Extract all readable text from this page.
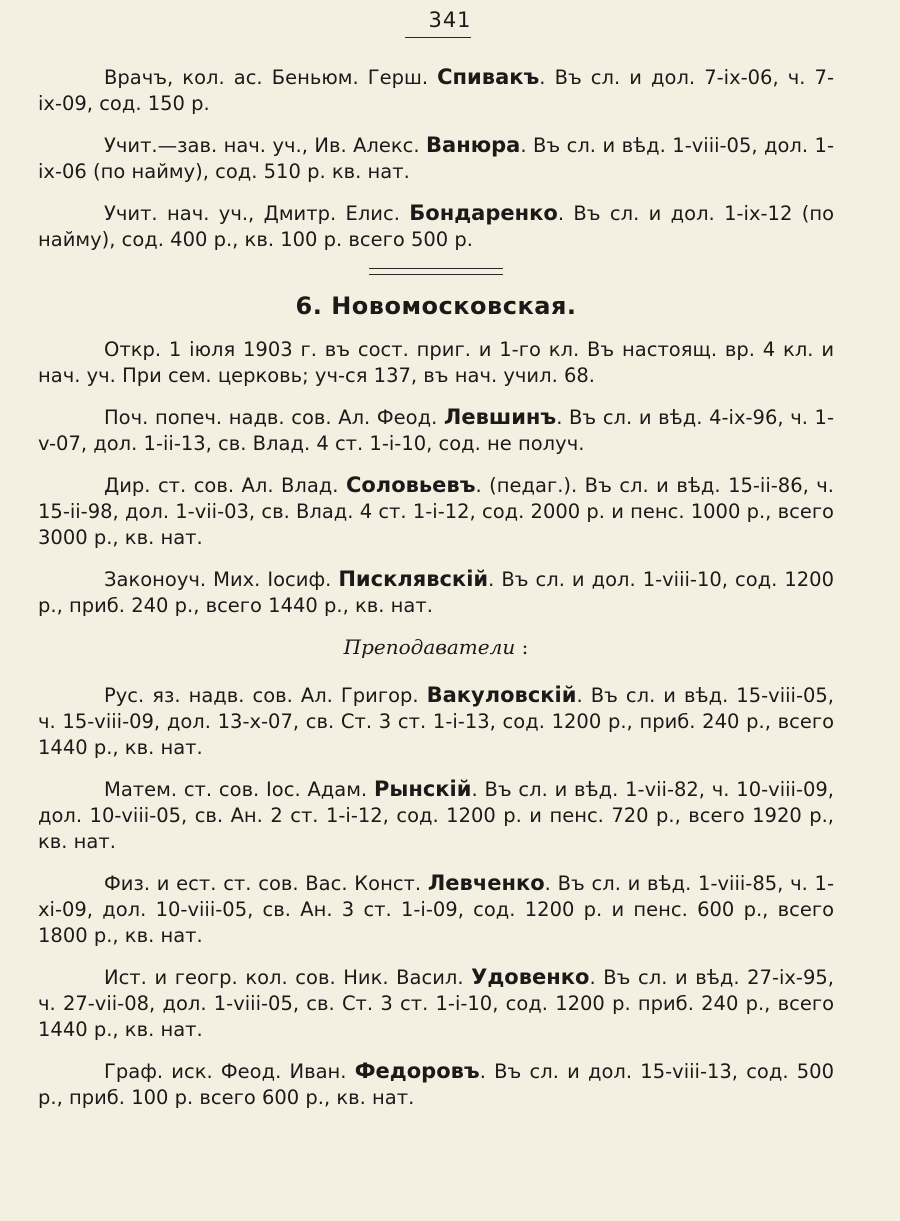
341

Врачъ, кол. ас. Беньюм. Герш. Спивакъ. Въ сл. и дол. 7-іх-06, ч. 7-іх-09, сод. 150 р.

Учит.—зав. нач. уч., Ив. Алекс. Ванюра. Въ сл. и вѣд. 1-vііі-05, дол. 1-іх-06 (по найму), сод. 510 р. кв. нат.

Учит. нач. уч., Дмитр. Елис. Бондаренко. Въ сл. и дол. 1-іх-12 (по найму), сод. 400 р., кв. 100 р. всего 500 р.

6. Новомосковская.

Откр. 1 іюля 1903 г. въ сост. приг. и 1-го кл. Въ настоящ. вр. 4 кл. и нач. уч. При сем. церковь; уч-ся 137, въ нач. учил. 68.

Поч. попеч. надв. сов. Ал. Феод. Левшинъ. Въ сл. и вѣд. 4-іх-96, ч. 1-v-07, дол. 1-іі-13, св. Влад. 4 ст. 1-і-10, сод. не получ.

Дир. ст. сов. Ал. Влад. Соловьевъ. (педаг.). Въ сл. и вѣд. 15-іі-86, ч. 15-іі-98, дол. 1-vіі-03, св. Влад. 4 ст. 1-і-12, сод. 2000 р. и пенс. 1000 р., всего 3000 р., кв. нат.

Законоуч. Мих. Іосиф. Писклявскій. Въ сл. и дол. 1-vііі-10, сод. 1200 р., приб. 240 р., всего 1440 р., кв. нат.

Преподаватели :

Рус. яз. надв. сов. Ал. Григор. Вакуловскій. Въ сл. и вѣд. 15-vііі-05, ч. 15-vііі-09, дол. 13-х-07, св. Ст. 3 ст. 1-і-13, сод. 1200 р., приб. 240 р., всего 1440 р., кв. нат.

Матем. ст. сов. Іос. Адам. Рынскій. Въ сл. и вѣд. 1-vіі-82, ч. 10-vііі-09, дол. 10-vііі-05, св. Ан. 2 ст. 1-і-12, сод. 1200 р. и пенс. 720 р., всего 1920 р., кв. нат.

Физ. и ест. ст. сов. Вас. Конст. Левченко. Въ сл. и вѣд. 1-vііі-85, ч. 1-хі-09, дол. 10-vііі-05, св. Ан. 3 ст. 1-і-09, сод. 1200 р. и пенс. 600 р., всего 1800 р., кв. нат.

Ист. и геогр. кол. сов. Ник. Васил. Удовенко. Въ сл. и вѣд. 27-іх-95, ч. 27-vіі-08, дол. 1-vііі-05, св. Ст. 3 ст. 1-і-10, сод. 1200 р. приб. 240 р., всего 1440 р., кв. нат.

Граф. иск. Феод. Иван. Федоровъ. Въ сл. и дол. 15-vііі-13, сод. 500 р., приб. 100 р. всего 600 р., кв. нат.
